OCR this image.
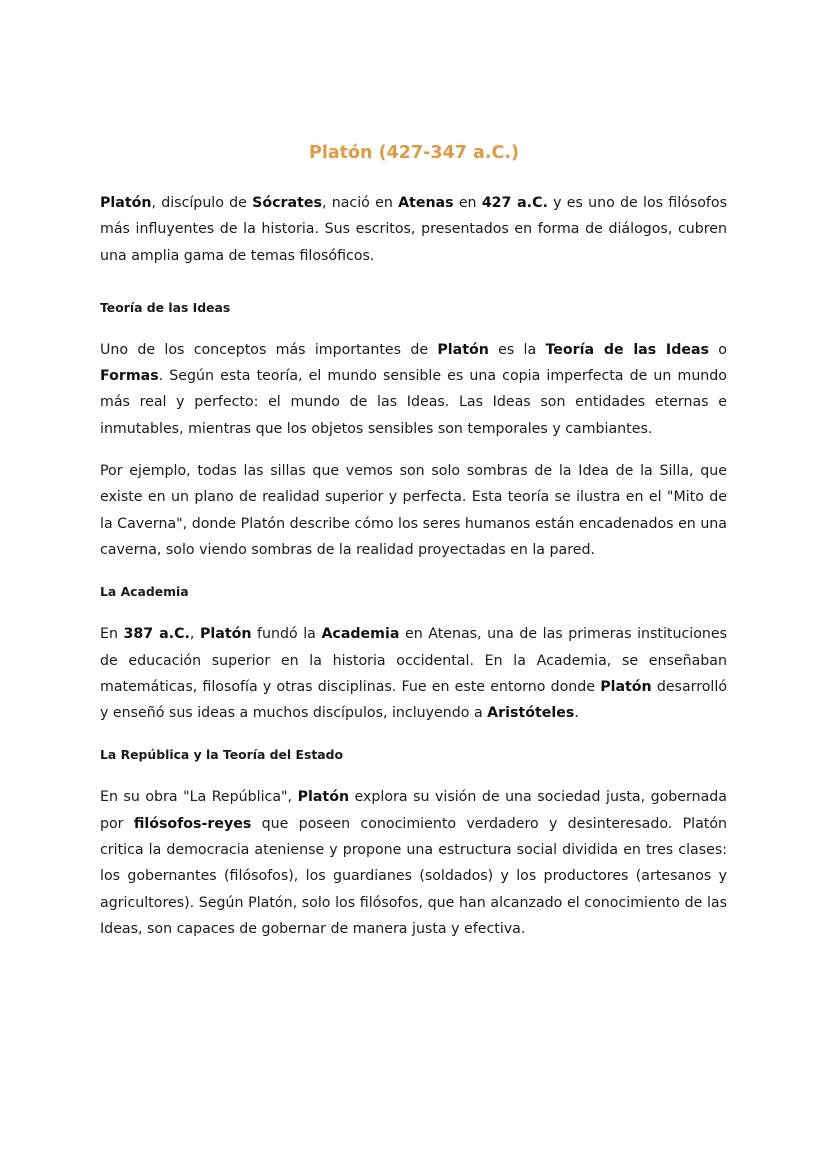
Platón (427-347 a.C.)

Platón, discípulo de Sócrates, nació en Atenas en 427 a.C. y es uno de los filósofos más influyentes de la historia. Sus escritos, presentados en forma de diálogos, cubren una amplia gama de temas filosóficos.

Teoría de las Ideas

Uno de los conceptos más importantes de Platón es la Teoría de las Ideas o Formas. Según esta teoría, el mundo sensible es una copia imperfecta de un mundo más real y perfecto: el mundo de las Ideas. Las Ideas son entidades eternas e inmutables, mientras que los objetos sensibles son temporales y cambiantes.

Por ejemplo, todas las sillas que vemos son solo sombras de la Idea de la Silla, que existe en un plano de realidad superior y perfecta. Esta teoría se ilustra en el "Mito de la Caverna", donde Platón describe cómo los seres humanos están encadenados en una caverna, solo viendo sombras de la realidad proyectadas en la pared.

La Academia

En 387 a.C., Platón fundó la Academia en Atenas, una de las primeras instituciones de educación superior en la historia occidental. En la Academia, se enseñaban matemáticas, filosofía y otras disciplinas. Fue en este entorno donde Platón desarrolló y enseñó sus ideas a muchos discípulos, incluyendo a Aristóteles.

La República y la Teoría del Estado

En su obra "La República", Platón explora su visión de una sociedad justa, gobernada por filósofos-reyes que poseen conocimiento verdadero y desinteresado. Platón critica la democracia ateniense y propone una estructura social dividida en tres clases: los gobernantes (filósofos), los guardianes (soldados) y los productores (artesanos y agricultores). Según Platón, solo los filósofos, que han alcanzado el conocimiento de las Ideas, son capaces de gobernar de manera justa y efectiva.
